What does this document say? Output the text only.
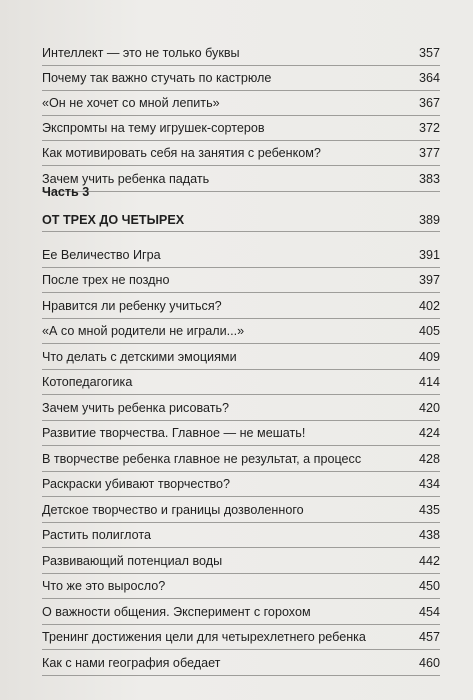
Интеллект — это не только буквы	357
Почему так важно стучать по кастрюле	364
«Он не хочет со мной лепить»	367
Экспромты на тему игрушек-сортеров	372
Как мотивировать себя на занятия с ребенком?	377
Зачем учить ребенка падать	383
Часть 3
ОТ ТРЕХ ДО ЧЕТЫРЕХ	389
Ее Величество Игра	391
После трех не поздно	397
Нравится ли ребенку учиться?	402
«А со мной родители не играли...»	405
Что делать с детскими эмоциями	409
Котопедагогика	414
Зачем учить ребенка рисовать?	420
Развитие творчества. Главное — не мешать!	424
В творчестве ребенка главное не результат, а процесс	428
Раскраски убивают творчество?	434
Детское творчество и границы дозволенного	435
Растить полиглота	438
Развивающий потенциал воды	442
Что же это выросло?	450
О важности общения. Эксперимент с горохом	454
Тренинг достижения цели для четырехлетнего ребенка	457
Как с нами география обедает	460
